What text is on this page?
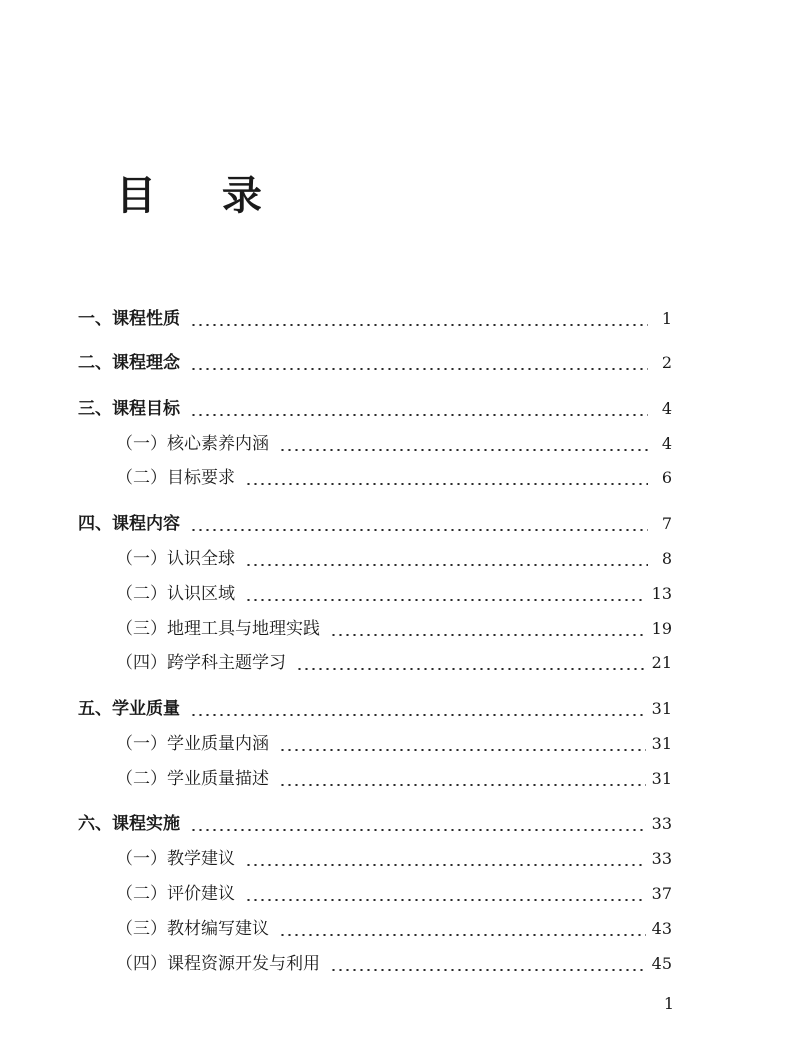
目 录
一、课程性质	1
二、课程理念	2
三、课程目标	4
（一）核心素养内涵	4
（二）目标要求	6
四、课程内容	7
（一）认识全球	8
（二）认识区域	13
（三）地理工具与地理实践	19
（四）跨学科主题学习	21
五、学业质量	31
（一）学业质量内涵	31
（二）学业质量描述	31
六、课程实施	33
（一）教学建议	33
（二）评价建议	37
（三）教材编写建议	43
（四）课程资源开发与利用	45
1
